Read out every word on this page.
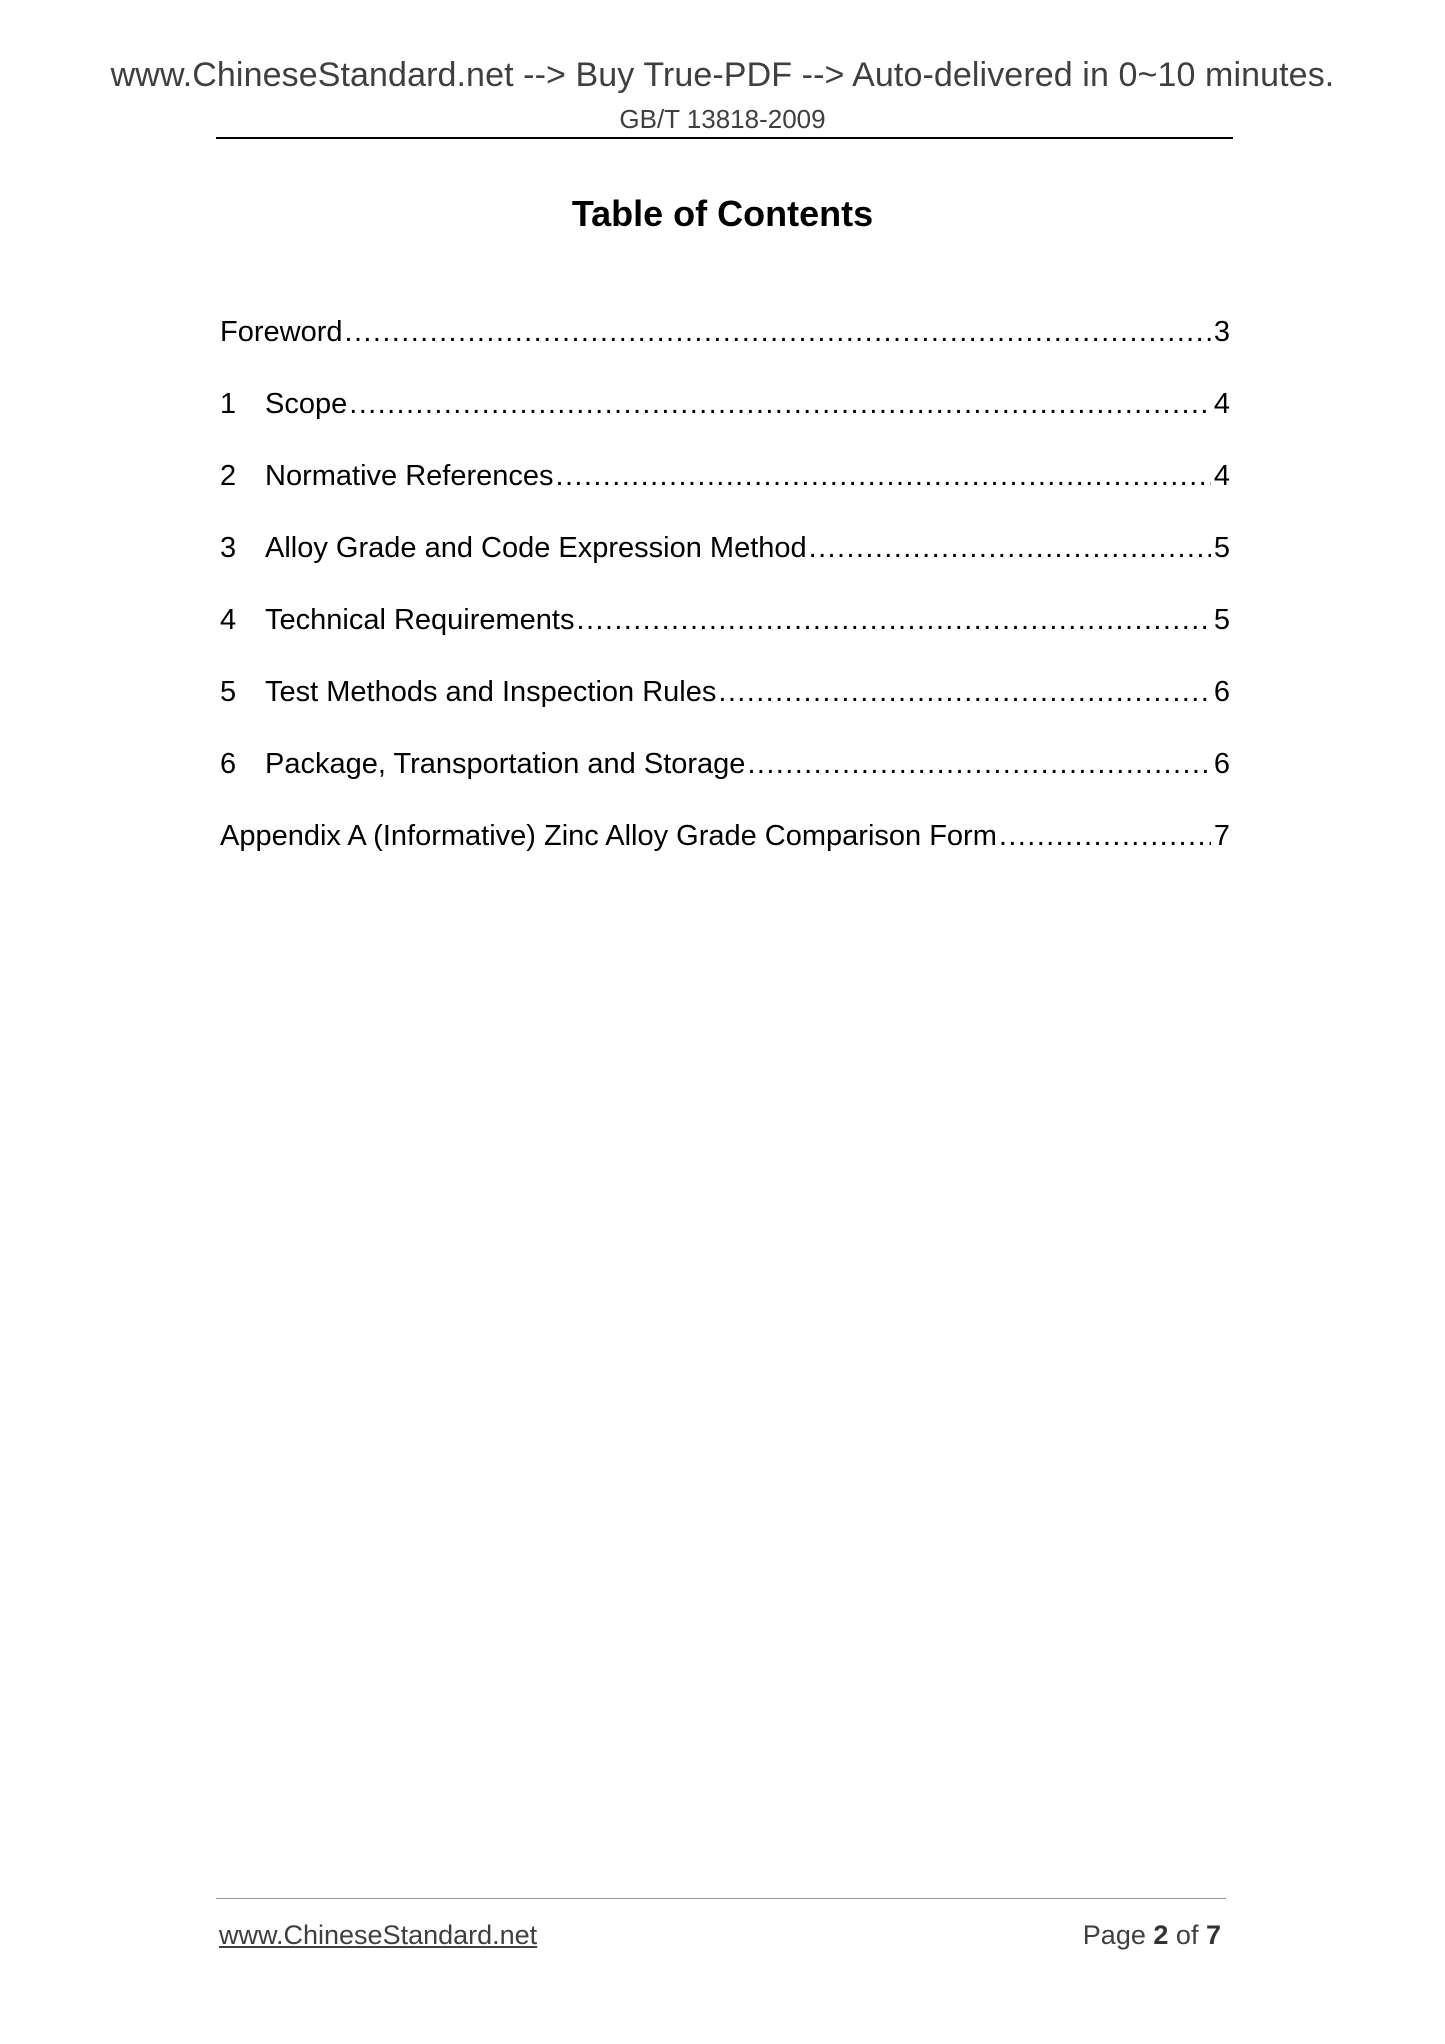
www.ChineseStandard.net --> Buy True-PDF --> Auto-delivered in 0~10 minutes.
GB/T 13818-2009
Table of Contents
Foreword .....	3
1 Scope .....	4
2 Normative References .....	4
3 Alloy Grade and Code Expression Method .....	5
4 Technical Requirements .....	5
5 Test Methods and Inspection Rules .....	6
6 Package, Transportation and Storage .....	6
Appendix A (Informative) Zinc Alloy Grade Comparison Form .....	7
www.ChineseStandard.net	Page 2 of 7
